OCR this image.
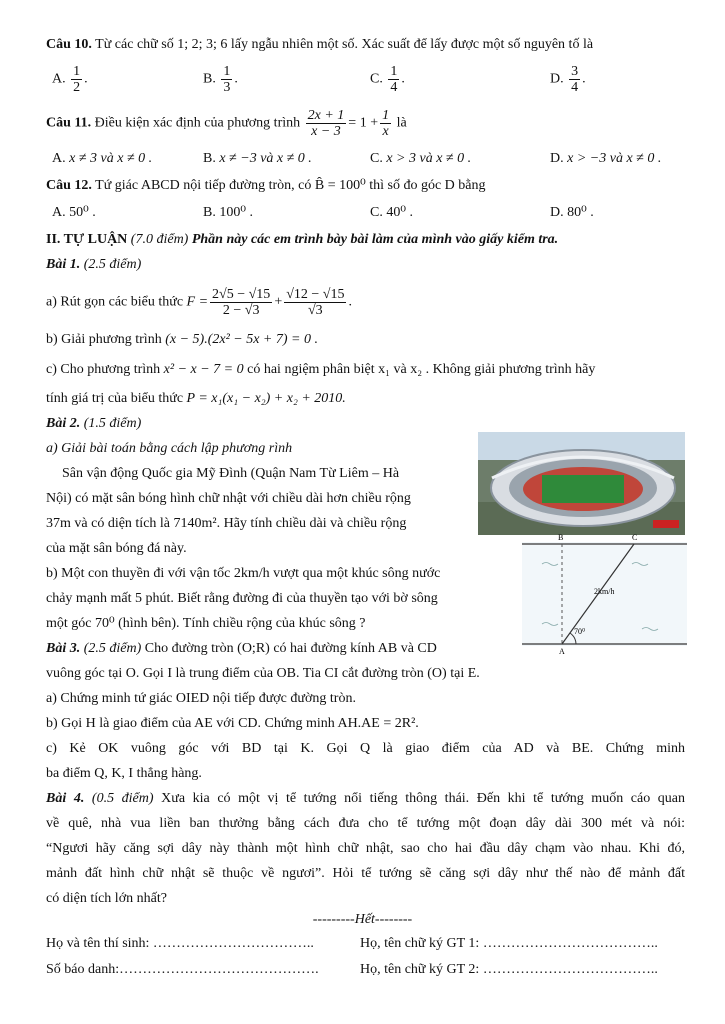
Câu 10. Từ các chữ số 1; 2; 3; 6 lấy ngẫu nhiên một số. Xác suất để lấy được một số nguyên tố là
A. $\frac{1}{2}$ .	B. $\frac{1}{3}$ .	C. $\frac{1}{4}$ .	D. $\frac{3}{4}$ .
Câu 11. Điều kiện xác định của phương trình $\frac{2x + 1}{x - 3} = 1 + \frac{1}{x}$ là
A. x ≠ 3 và x ≠ 0 .	B. x ≠ −3 và x ≠ 0 .	C. x > 3 và x ≠ 0 .	D. x > −3 và x ≠ 0 .
Câu 12. Tứ giác ABCD nội tiếp đường tròn, có B̂ = 100⁰ thì số đo góc D bằng
A. 50⁰ .	B. 100⁰ .	C. 40⁰ .	D. 80⁰ .
II. TỰ LUẬN (7.0 điểm) Phần này các em trình bày bài làm của mình vào giấy kiểm tra.
Bài 1. (2.5 điểm)
a) Rút gọn các biểu thức $F = \frac{2√5 - √15}{2 - √3} + \frac{√12 - √15}{√3}$ .
b) Giải phương trình (x − 5).(2x² − 5x + 7) = 0 .
c) Cho phương trình x² − x − 7 = 0 có hai ngiệm phân biệt x₁ và x₂ . Không giải phương trình hãy
tính giá trị của biểu thức P = x₁(x₁ − x₂) + x₂ + 2010.
Bài 2. (1.5 điểm)
a) Giải bài toán bằng cách lập phương rình
Sân vận động Quốc gia Mỹ Đình (Quận Nam Từ Liêm – Hà
Nội) có mặt sân bóng hình chữ nhật với chiều dài hơn chiều rộng
37m và có diện tích là 7140m². Hãy tính chiều dài và chiều rộng
của mặt sân bóng đá này.
b) Một con thuyền đi với vận tốc 2km/h vượt qua một khúc sông nước
chảy mạnh mất 5 phút. Biết rằng đường đi của thuyền tạo với bờ sông
một góc 70⁰ (hình bên). Tính chiều rộng của khúc sông ?
B	C
A
2km/h
70⁰
Bài 3. (2.5 điểm) Cho đường tròn (O;R) có hai đường kính AB và CD
vuông góc tại O. Gọi I là trung điểm của OB. Tia CI cắt đường tròn (O) tại E.
a) Chứng minh tứ giác OIED nội tiếp được đường tròn.
b) Gọi H là giao điểm của AE với CD. Chứng minh AH.AE = 2R².
c) Kẻ OK vuông góc với BD tại K. Gọi Q là giao điểm của AD và BE. Chứng minh
ba điểm Q, K, I thẳng hàng.
Bài 4. (0.5 điểm) Xưa kia có một vị tể tướng nổi tiếng thông thái. Đến khi tể tướng muốn cáo quan
về quê, nhà vua liền ban thưởng bằng cách đưa cho tể tướng một đoạn dây dài 300 mét và nói:
“Ngươi hãy căng sợi dây này thành một hình chữ nhật, sao cho hai đầu dây chạm vào nhau. Khi đó,
mảnh đất hình chữ nhật sẽ thuộc về ngươi”. Hỏi tể tướng sẽ căng sợi dây như thế nào để mảnh đất
có diện tích lớn nhất?
---------Hết--------
Họ và tên thí sinh: ……………………………..	Họ, tên chữ ký GT 1: ………………………………..
Số báo danh:…………………………………….	Họ, tên chữ ký GT 2: ………………………………..
